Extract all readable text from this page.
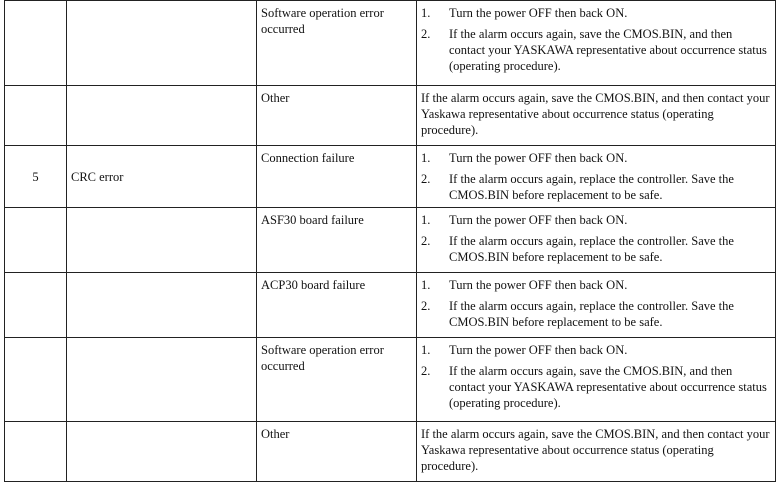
		Software operation error occurred	1. Turn the power OFF then back ON.
2. If the alarm occurs again, save the CMOS.BIN, and then contact your YASKAWA representative about occurrence status (operating procedure).

		Other	If the alarm occurs again, save the CMOS.BIN, and then contact your Yaskawa representative about occurrence status (operating procedure).

5	CRC error	Connection failure	1. Turn the power OFF then back ON.
2. If the alarm occurs again, replace the controller. Save the CMOS.BIN before replacement to be safe.

		ASF30 board failure	1. Turn the power OFF then back ON.
2. If the alarm occurs again, replace the controller. Save the CMOS.BIN before replacement to be safe.

		ACP30 board failure	1. Turn the power OFF then back ON.
2. If the alarm occurs again, replace the controller. Save the CMOS.BIN before replacement to be safe.

		Software operation error occurred	1. Turn the power OFF then back ON.
2. If the alarm occurs again, save the CMOS.BIN, and then contact your YASKAWA representative about occurrence status (operating procedure).

		Other	If the alarm occurs again, save the CMOS.BIN, and then contact your Yaskawa representative about occurrence status (operating procedure).
